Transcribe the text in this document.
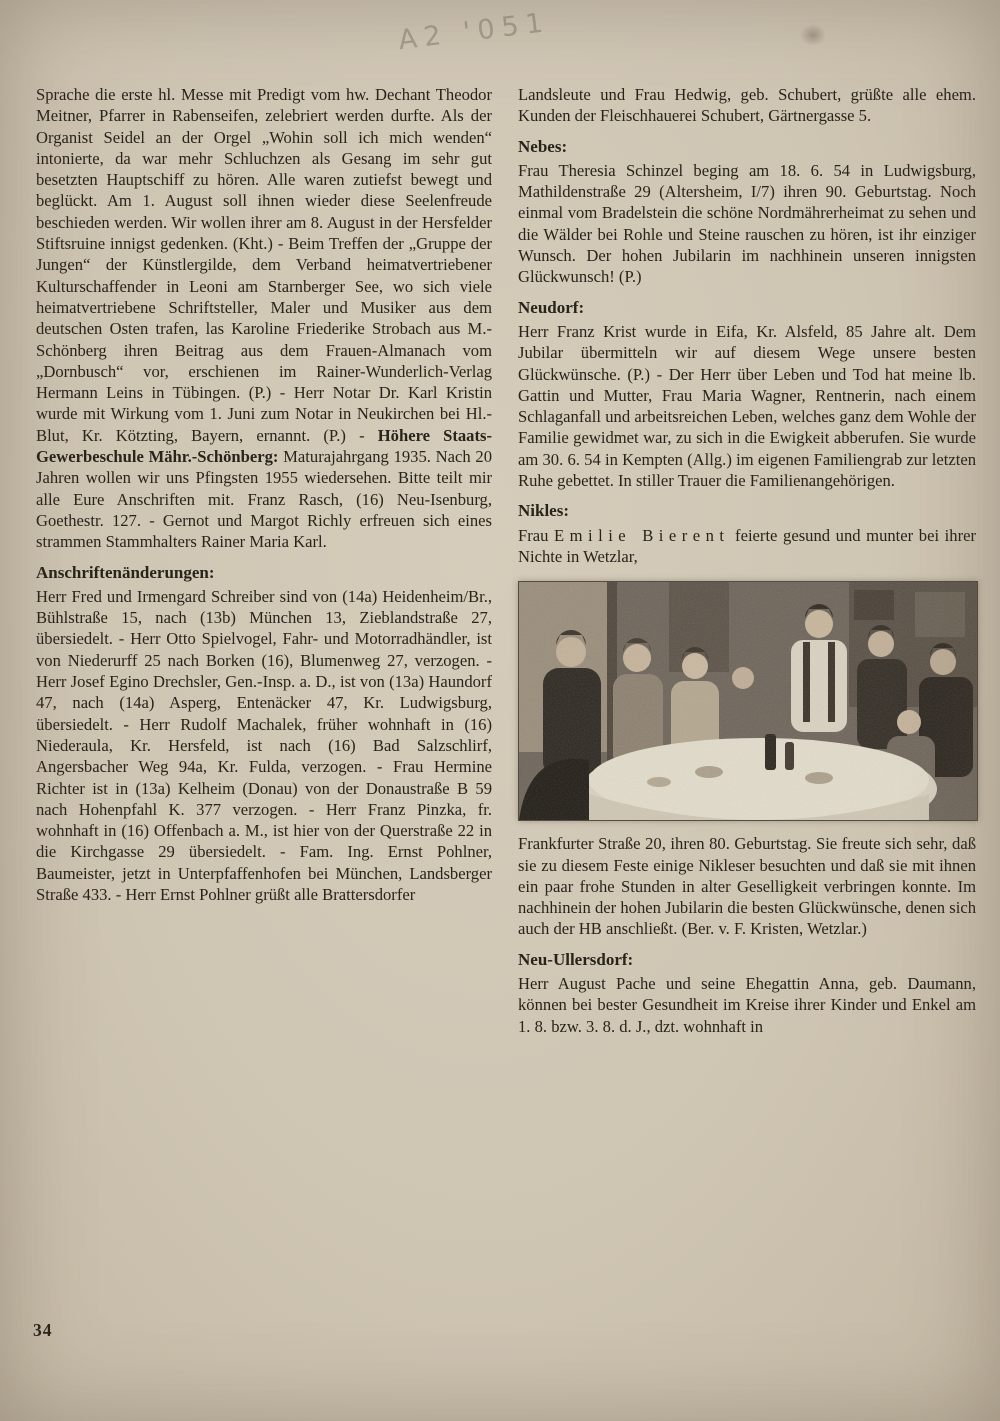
A2 '051

Sprache die erste hl. Messe mit Predigt vom hw. Dechant Theodor Meitner, Pfarrer in Rabenseifen, zelebriert werden durfte. Als der Organist Seidel an der Orgel „Wohin soll ich mich wenden“ intonierte, da war mehr Schluchzen als Gesang im sehr gut besetzten Hauptschiff zu hören. Alle waren zutiefst bewegt und beglückt. Am 1. August soll ihnen wieder diese Seelenfreude beschieden werden. Wir wollen ihrer am 8. August in der Hersfelder Stiftsruine innigst gedenken. (Kht.) - Beim Treffen der „Gruppe der Jungen“ der Künstlergilde, dem Verband heimatvertriebener Kulturschaffender in Leoni am Starnberger See, wo sich viele heimatvertriebene Schriftsteller, Maler und Musiker aus dem deutschen Osten trafen, las Karoline Friederike Strobach aus M.-Schönberg ihren Beitrag aus dem Frauen-Almanach vom „Dornbusch“ vor, erschienen im Rainer-Wunderlich-Verlag Hermann Leins in Tübingen. (P.) - Herr Notar Dr. Karl Kristin wurde mit Wirkung vom 1. Juni zum Notar in Neukirchen bei Hl.-Blut, Kr. Kötzting, Bayern, ernannt. (P.) - Höhere Staats-Gewerbeschule Mähr.-Schönberg: Maturajahrgang 1935. Nach 20 Jahren wollen wir uns Pfingsten 1955 wiedersehen. Bitte teilt mir alle Eure Anschriften mit. Franz Rasch, (16) Neu-Isenburg, Goethestr. 127. - Gernot und Margot Richly erfreuen sich eines strammen Stammhalters Rainer Maria Karl.

Anschriftenänderungen:

Herr Fred und Irmengard Schreiber sind von (14a) Heidenheim/Br., Bühlstraße 15, nach (13b) München 13, Zieblandstraße 27, übersiedelt. - Herr Otto Spielvogel, Fahr- und Motorradhändler, ist von Niederurff 25 nach Borken (16), Blumenweg 27, verzogen. - Herr Josef Egino Drechsler, Gen.-Insp. a. D., ist von (13a) Haundorf 47, nach (14a) Asperg, Entenäcker 47, Kr. Ludwigsburg, übersiedelt. - Herr Rudolf Machalek, früher wohnhaft in (16) Niederaula, Kr. Hersfeld, ist nach (16) Bad Salzschlirf, Angersbacher Weg 94a, Kr. Fulda, verzogen. - Frau Hermine Richter ist in (13a) Kelheim (Donau) von der Donaustraße B 59 nach Hohenpfahl K. 377 verzogen. - Herr Franz Pinzka, fr. wohnhaft in (16) Offenbach a. M., ist hier von der Querstraße 22 in die Kirchgasse 29 übersiedelt. - Fam. Ing. Ernst Pohlner, Baumeister, jetzt in Unterpfaffenhofen bei München, Landsberger Straße 433. - Herr Ernst Pohlner grüßt alle Brattersdorfer

Landsleute und Frau Hedwig, geb. Schubert, grüßte alle ehem. Kunden der Fleischhauerei Schubert, Gärtnergasse 5.

Nebes:

Frau Theresia Schinzel beging am 18. 6. 54 in Ludwigsburg, Mathildenstraße 29 (Altersheim, I/7) ihren 90. Geburtstag. Noch einmal vom Bradelstein die schöne Nordmährerheimat zu sehen und die Wälder bei Rohle und Steine rauschen zu hören, ist ihr einziger Wunsch. Der hohen Jubilarin im nachhinein unseren innigsten Glückwunsch! (P.)

Neudorf:

Herr Franz Krist wurde in Eifa, Kr. Alsfeld, 85 Jahre alt. Dem Jubilar übermitteln wir auf diesem Wege unsere besten Glückwünsche. (P.) - Der Herr über Leben und Tod hat meine lb. Gattin und Mutter, Frau Maria Wagner, Rentnerin, nach einem Schlaganfall und arbeitsreichen Leben, welches ganz dem Wohle der Familie gewidmet war, zu sich in die Ewigkeit abberufen. Sie wurde am 30. 6. 54 in Kempten (Allg.) im eigenen Familiengrab zur letzten Ruhe gebettet. In stiller Trauer die Familienangehörigen.

Nikles:

Frau Emilie Bierent feierte gesund und munter bei ihrer Nichte in Wetzlar,

Frankfurter Straße 20, ihren 80. Geburtstag. Sie freute sich sehr, daß sie zu diesem Feste einige Nikleser besuchten und daß sie mit ihnen ein paar frohe Stunden in alter Geselligkeit verbringen konnte. Im nachhinein der hohen Jubilarin die besten Glückwünsche, denen sich auch der HB anschließt. (Ber. v. F. Kristen, Wetzlar.)

Neu-Ullersdorf:

Herr August Pache und seine Ehegattin Anna, geb. Daumann, können bei bester Gesundheit im Kreise ihrer Kinder und Enkel am 1. 8. bzw. 3. 8. d. J., dzt. wohnhaft in

34
